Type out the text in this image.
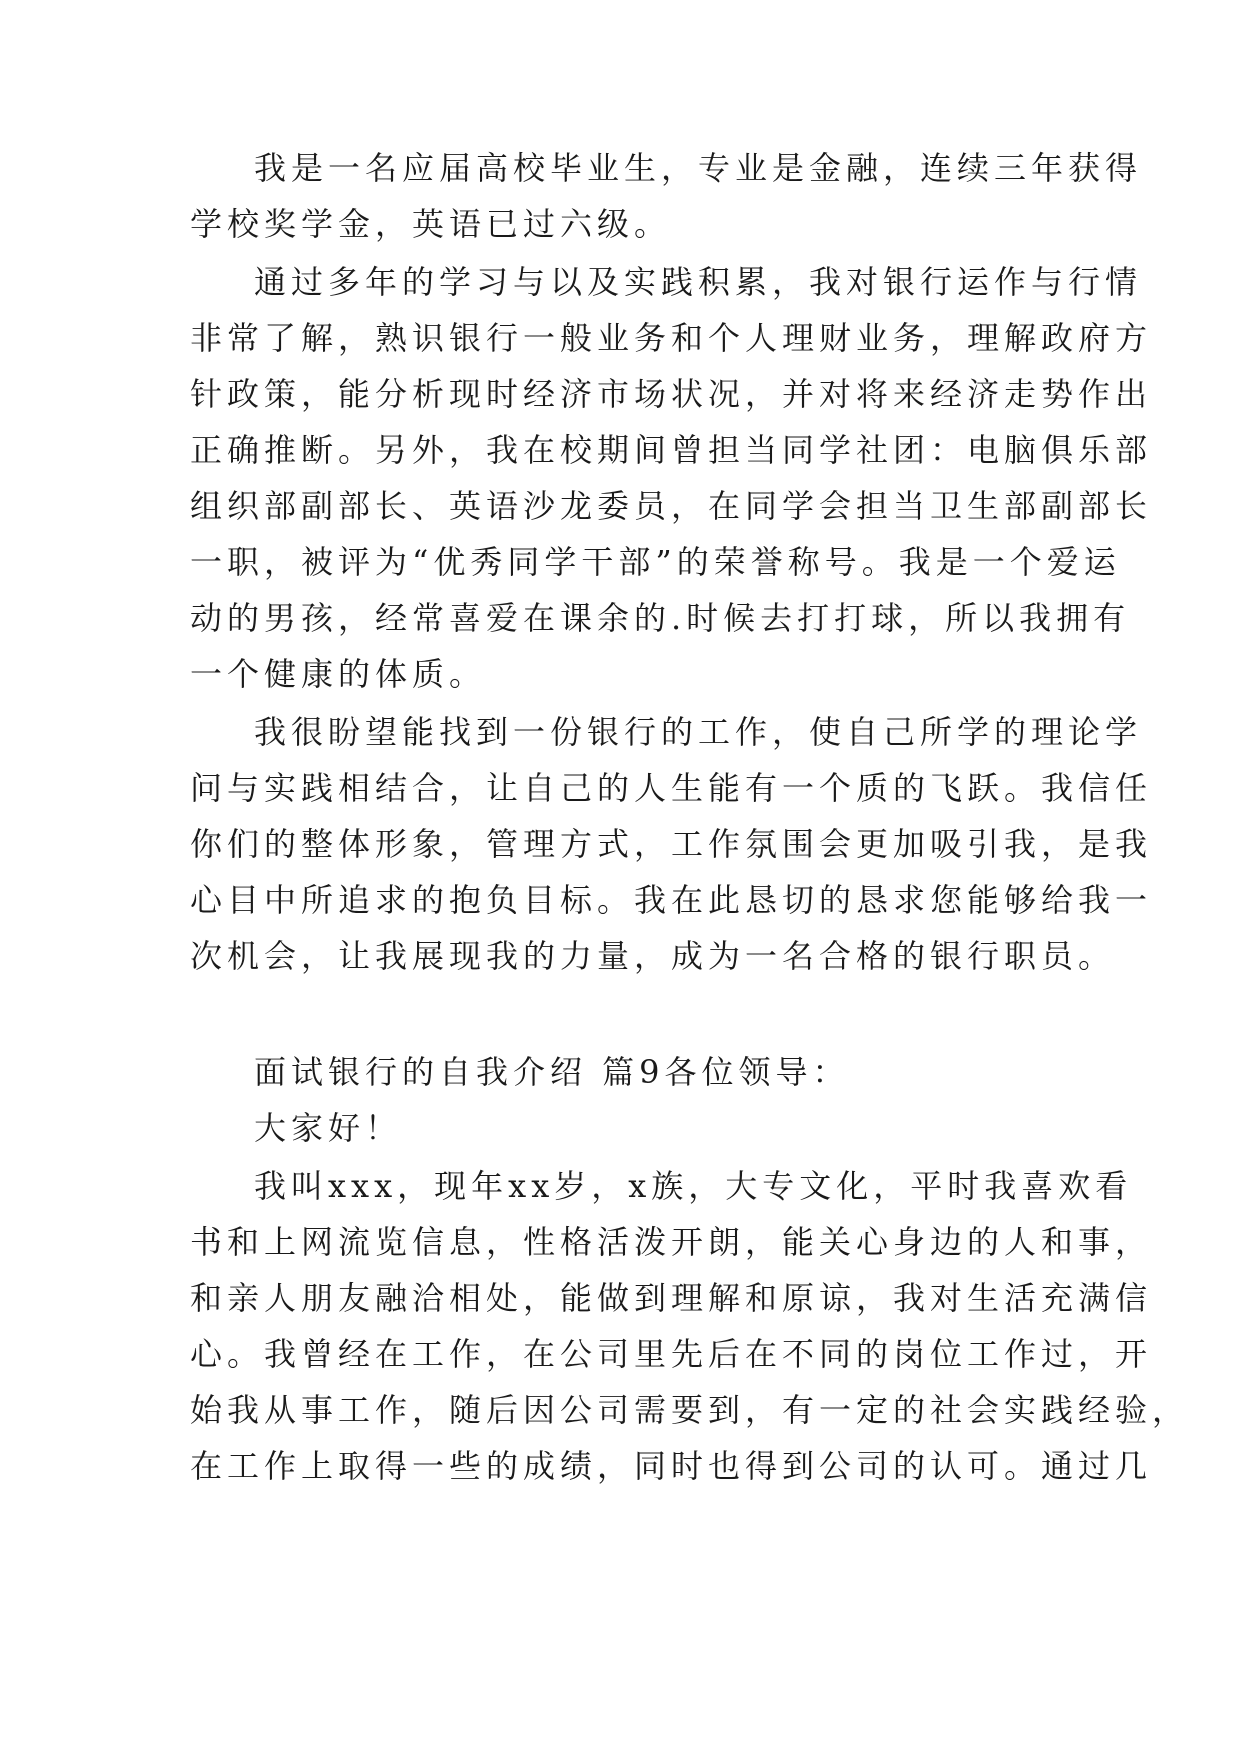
我是一名应届高校毕业生，专业是金融，连续三年获得
学校奖学金，英语已过六级。
通过多年的学习与以及实践积累，我对银行运作与行情
非常了解，熟识银行一般业务和个人理财业务，理解政府方
针政策，能分析现时经济市场状况，并对将来经济走势作出
正确推断。另外，我在校期间曾担当同学社团：电脑俱乐部
组织部副部长、英语沙龙委员，在同学会担当卫生部副部长
一职，被评为“优秀同学干部”的荣誉称号。我是一个爱运
动的男孩，经常喜爱在课余的.时候去打打球，所以我拥有
一个健康的体质。
我很盼望能找到一份银行的工作，使自己所学的理论学
问与实践相结合，让自己的人生能有一个质的飞跃。我信任
你们的整体形象，管理方式，工作氛围会更加吸引我，是我
心目中所追求的抱负目标。我在此恳切的恳求您能够给我一
次机会，让我展现我的力量，成为一名合格的银行职员。
面试银行的自我介绍 篇9各位领导：
大家好！
我叫xxx，现年xx岁，x族，大专文化，平时我喜欢看
书和上网流览信息，性格活泼开朗，能关心身边的人和事，
和亲人朋友融洽相处，能做到理解和原谅，我对生活充满信
心。我曾经在工作，在公司里先后在不同的岗位工作过，开
始我从事工作，随后因公司需要到，有一定的社会实践经验，
在工作上取得一些的成绩，同时也得到公司的认可。通过几
